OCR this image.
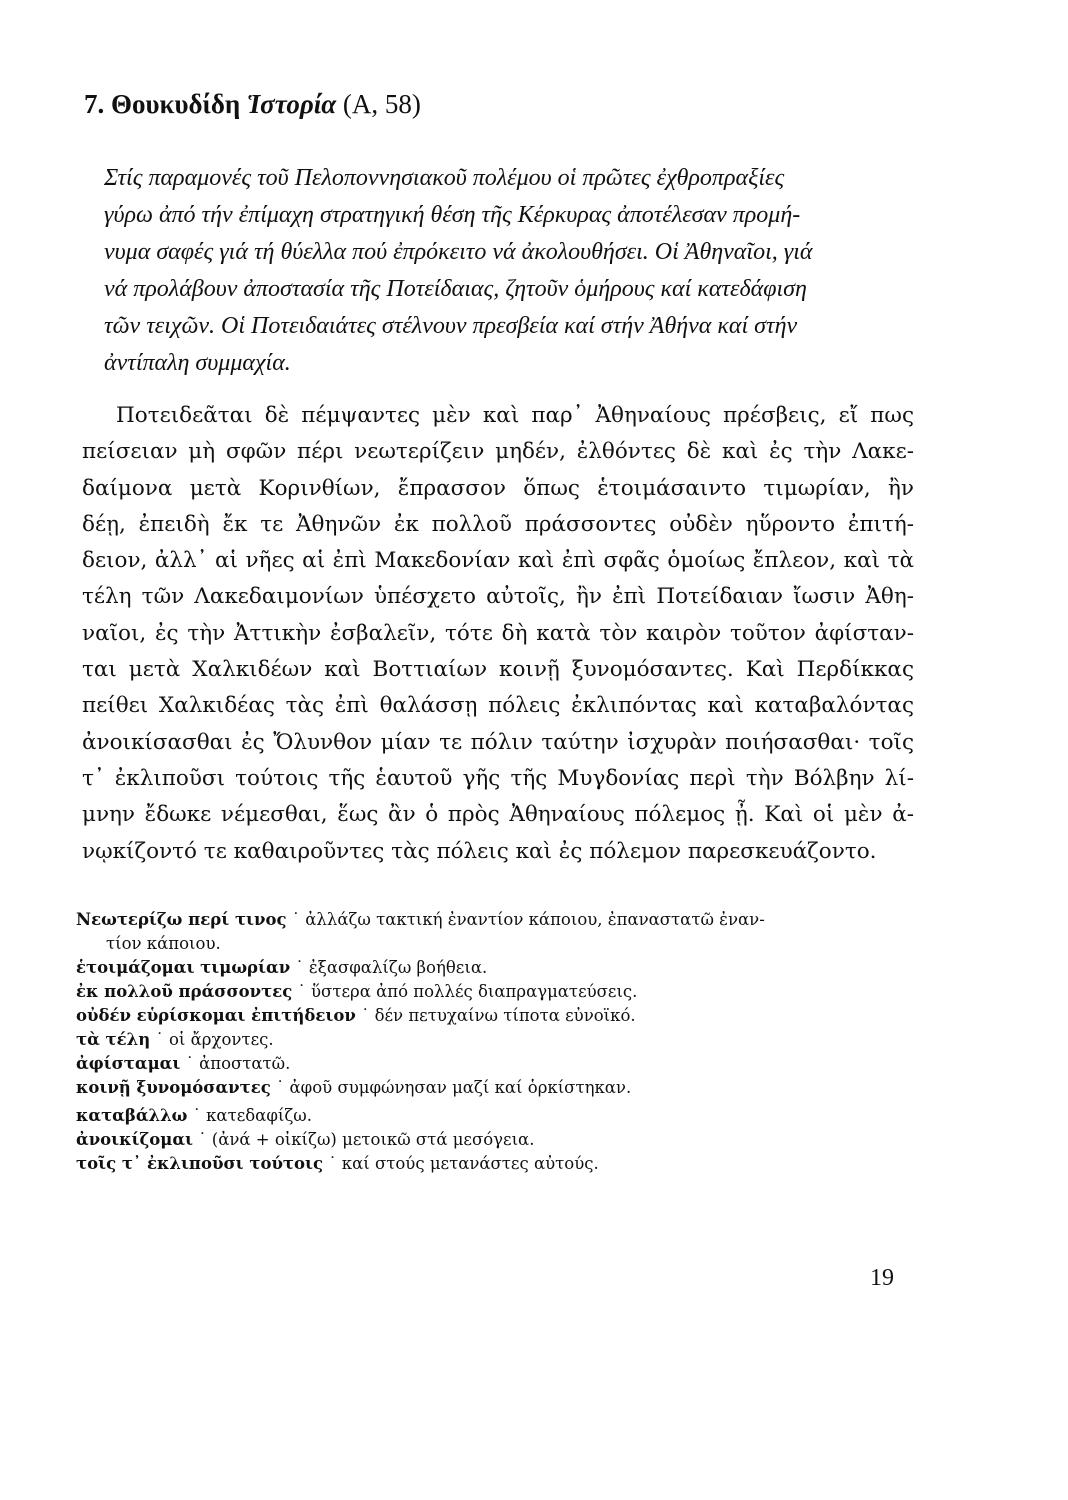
7. Θουκυδίδη Ἱστορία (Α, 58)
Στίς παραμονές τοῦ Πελοποννησιακοῦ πολέμου οἱ πρῶτες ἐχθροπραξίες
γύρω ἀπό τήν ἐπίμαχη στρατηγική θέση τῆς Κέρκυρας ἀποτέλεσαν προμή-
νυμα σαφές γιά τή θύελλα πού ἐπρόκειτο νά ἀκολουθήσει. Οἱ Ἀθηναῖοι, γιά
νά προλάβουν ἀποστασία τῆς Ποτείδαιας, ζητοῦν ὁμήρους καί κατεδάφιση
τῶν τειχῶν. Οἱ Ποτειδαιάτες στέλνουν πρεσβεία καί στήν Ἀθήνα καί στήν
ἀντίπαλη συμμαχία.
Ποτειδεᾶται δὲ πέμψαντες μὲν καὶ παρ᾽ Ἀθηναίους πρέσβεις, εἴ πως
πείσειαν μὴ σφῶν πέρι νεωτερίζειν μηδέν, ἐλθόντες δὲ καὶ ἐς τὴν Λακε-
δαίμονα μετὰ Κορινθίων, ἔπρασσον ὅπως ἑτοιμάσαιντο τιμωρίαν, ἢν
δέῃ, ἐπειδὴ ἔκ τε Ἀθηνῶν ἐκ πολλοῦ πράσσοντες οὐδὲν ηὕροντο ἐπιτή-
δειον, ἀλλ᾽ αἱ νῆες αἱ ἐπὶ Μακεδονίαν καὶ ἐπὶ σφᾶς ὁμοίως ἔπλεον, καὶ τὰ
τέλη τῶν Λακεδαιμονίων ὑπέσχετο αὐτοῖς, ἢν ἐπὶ Ποτείδαιαν ἴωσιν Ἀθη-
ναῖοι, ἐς τὴν Ἀττικὴν ἐσβαλεῖν, τότε δὴ κατὰ τὸν καιρὸν τοῦτον ἀφίσταν-
ται μετὰ Χαλκιδέων καὶ Βοττιαίων κοινῇ ξυνομόσαντες. Καὶ Περδίκκας
πείθει Χαλκιδέας τὰς ἐπὶ θαλάσσῃ πόλεις ἐκλιπόντας καὶ καταβαλόντας
ἀνοικίσασθαι ἐς Ὄλυνθον μίαν τε πόλιν ταύτην ἰσχυρὰν ποιήσασθαι· τοῖς
τ᾽ ἐκλιποῦσι τούτοις τῆς ἑαυτοῦ γῆς τῆς Μυγδονίας περὶ τὴν Βόλβην λί-
μνην ἔδωκε νέμεσθαι, ἕως ἂν ὁ πρὸς Ἀθηναίους πόλεμος ᾖ. Καὶ οἱ μὲν ἀ-
νῳκίζοντό τε καθαιροῦντες τὰς πόλεις καὶ ἐς πόλεμον παρεσκευάζοντο.
Νεωτερίζω περί τινος ˙ ἀλλάζω τακτική ἐναντίον κάποιου, ἐπαναστατῶ ἐναν-
τίον κάποιου.
ἑτοιμάζομαι τιμωρίαν ˙ ἐξασφαλίζω βοήθεια.
ἐκ πολλοῦ πράσσοντες ˙ ὕστερα ἀπό πολλές διαπραγματεύσεις.
οὐδέν εὑρίσκομαι ἐπιτήδειον ˙ δέν πετυχαίνω τίποτα εὐνοϊκό.
τὰ τέλη ˙ οἱ ἄρχοντες.
ἀφίσταμαι ˙ ἀποστατῶ.
κοινῇ ξυνομόσαντες ˙ ἀφοῦ συμφώνησαν μαζί καί ὁρκίστηκαν.
καταβάλλω ˙ κατεδαφίζω.
ἀνοικίζομαι ˙ (ἀνά + οἰκίζω) μετοικῶ στά μεσόγεια.
τοῖς τ᾽ ἐκλιποῦσι τούτοις ˙ καί στούς μετανάστες αὐτούς.
19
